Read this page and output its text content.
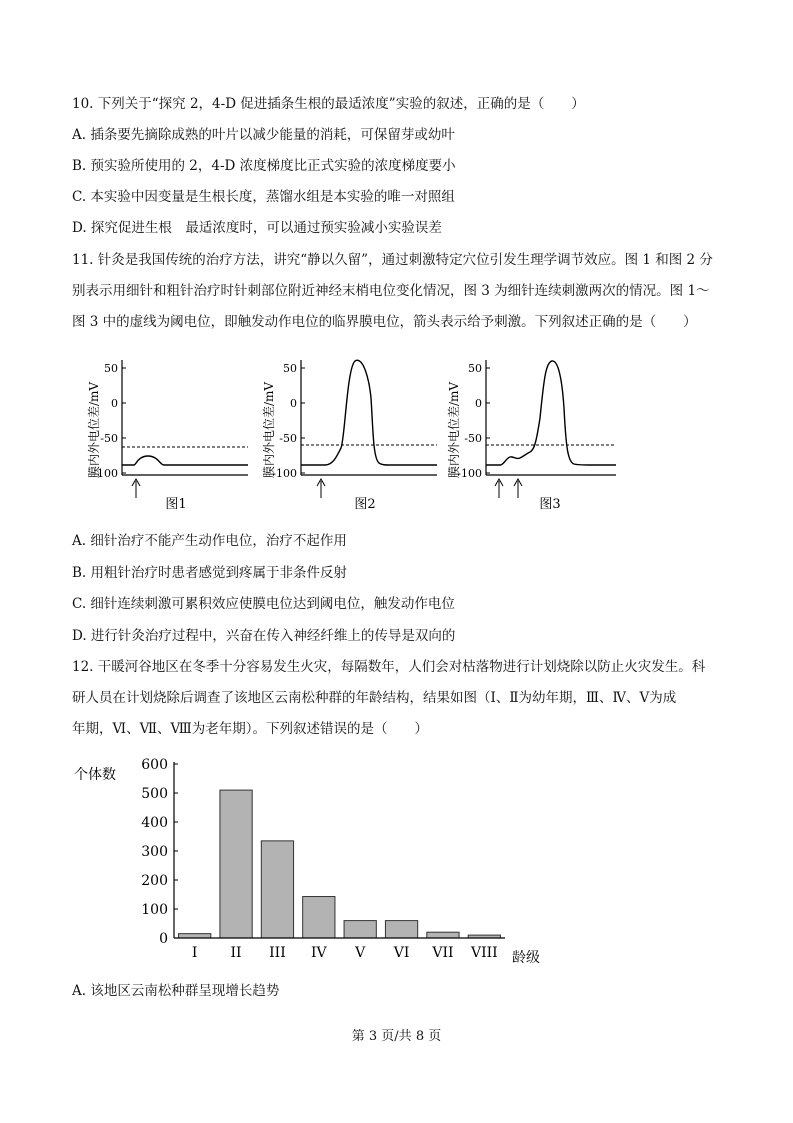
10. 下列关于“探究 2，4-D 促进插条生根的最适浓度”实验的叙述，正确的是（　　）
A. 插条要先摘除成熟的叶片以减少能量的消耗，可保留芽或幼叶
B. 预实验所使用的 2，4-D 浓度梯度比正式实验的浓度梯度要小
C. 本实验中因变量是生根长度，蒸馏水组是本实验的唯一对照组
D. 探究促进生根　最适浓度时，可以通过预实验减小实验误差
11. 针灸是我国传统的治疗方法，讲究“静以久留”，通过刺激特定穴位引发生理学调节效应。图 1 和图 2 分
别表示用细针和粗针治疗时针刺部位附近神经末梢电位变化情况，图 3 为细针连续刺激两次的情况。图 1～
图 3 中的虚线为阈电位，即触发动作电位的临界膜电位，箭头表示给予刺激。下列叙述正确的是（　　）
膜内外电位差/mV
50
0
-50
-100
图1
膜内外电位差/mV
50
0
-50
-100
图2
膜内外电位差/mV
50
0
-50
-100
图3
A. 细针治疗不能产生动作电位，治疗不起作用
B. 用粗针治疗时患者感觉到疼属于非条件反射
C. 细针连续刺激可累积效应使膜电位达到阈电位，触发动作电位
D. 进行针灸治疗过程中，兴奋在传入神经纤维上的传导是双向的
12. 干暖河谷地区在冬季十分容易发生火灾，每隔数年，人们会对枯落物进行计划烧除以防止火灾发生。科
研人员在计划烧除后调查了该地区云南松种群的年龄结构，结果如图（Ⅰ、Ⅱ为幼年期，Ⅲ、Ⅳ、Ⅴ为成
年期，Ⅵ、Ⅶ、Ⅷ为老年期）。下列叙述错误的是（　　）
个体数
600
500
400
300
200
100
0
I II III IV V VI VII VIII 龄级
A. 该地区云南松种群呈现增长趋势
第 3 页/共 8 页
